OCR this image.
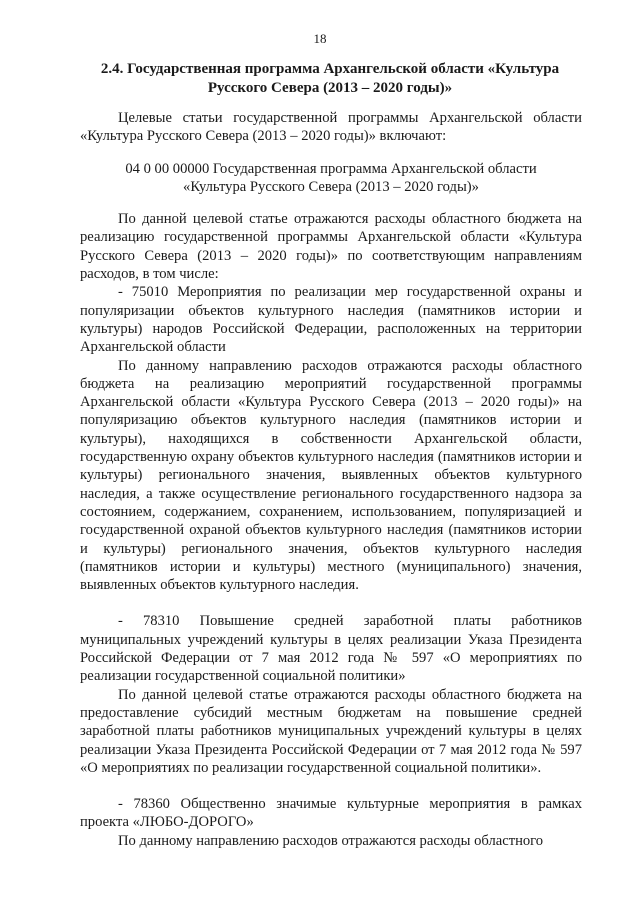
18
2.4. Государственная программа Архангельской области «Культура
Русского Севера (2013 – 2020 годы)»

Целевые статьи государственной программы Архангельской области

«Культура Русского Севера (2013 – 2020 годы)» включают:

04 0 00 00000 Государственная программа Архангельской области
«Культура Русского Севера (2013 – 2020 годы)»

По данной целевой статье отражаются расходы областного бюджета на реализацию государственной программы Архангельской области «Культура Русского Севера (2013 – 2020 годы)» по соответствующим направлениям расходов, в том числе:

- 75010 Мероприятия по реализации мер государственной охраны и популяризации объектов культурного наследия (памятников истории и культуры) народов Российской Федерации, расположенных на территории Архангельской области

По данному направлению расходов отражаются расходы областного бюджета на реализацию мероприятий государственной программы Архангельской области «Культура Русского Севера (2013 – 2020 годы)» на популяризацию объектов культурного наследия (памятников истории и культуры), находящихся в собственности Архангельской области, государственную охрану объектов культурного наследия (памятников истории и культуры) регионального значения, выявленных объектов культурного наследия, а также осуществление регионального государственного надзора за состоянием, содержанием, сохранением, использованием, популяризацией и государственной охраной объектов культурного наследия (памятников истории и культуры) регионального значения, объектов культурного наследия (памятников истории и культуры) местного (муниципального) значения, выявленных объектов культурного наследия.

- 78310 Повышение средней заработной платы работников муниципальных учреждений культуры в целях реализации Указа Президента Российской Федерации от 7 мая 2012 года № 597 «О мероприятиях по реализации государственной социальной политики»

По данной целевой статье отражаются расходы областного бюджета на предоставление субсидий местным бюджетам на повышение средней заработной платы работников муниципальных учреждений культуры в целях реализации Указа Президента Российской Федерации от 7 мая 2012 года № 597 «О мероприятиях по реализации государственной социальной политики».

- 78360 Общественно значимые культурные мероприятия в рамках проекта «ЛЮБО-ДОРОГО»

По данному направлению расходов отражаются расходы областного
